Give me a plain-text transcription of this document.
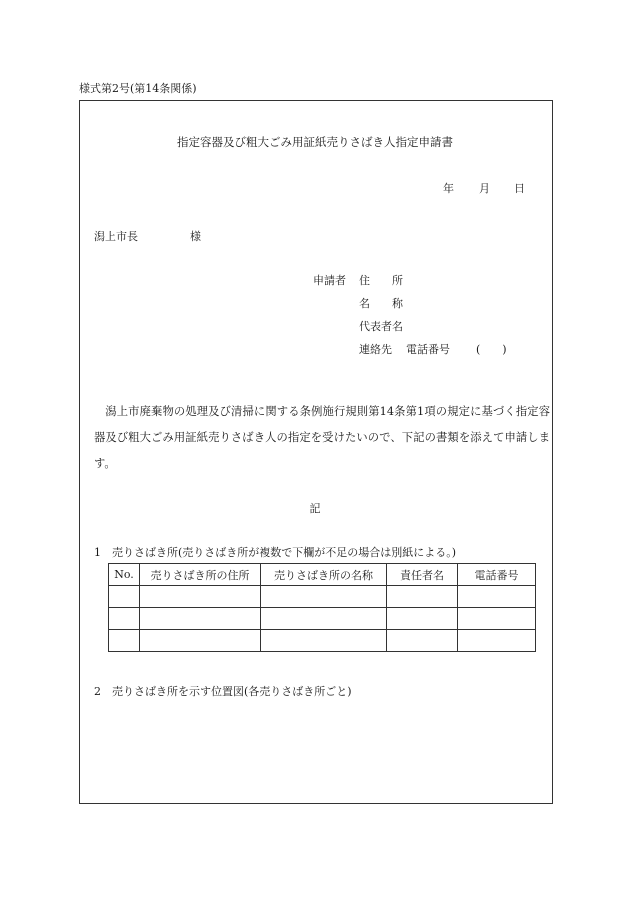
様式第2号(第14条関係)
指定容器及び粗大ごみ用証紙売りさばき人指定申請書
年 月 日
潟上市長	様
申請者 住　　所
名　　称
代表者名
連絡先 電話番号 (　　)
潟上市廃棄物の処理及び清掃に関する条例施行規則第14条第1項の規定に基づく指定容器及び粗大ごみ用証紙売りさばき人の指定を受けたいので、下記の書類を添えて申請します。
記
1　売りさばき所(売りさばき所が複数で下欄が不足の場合は別紙による。)
No.	売りさばき所の住所	売りさばき所の名称	責任者名	電話番号

2　売りさばき所を示す位置図(各売りさばき所ごと)
